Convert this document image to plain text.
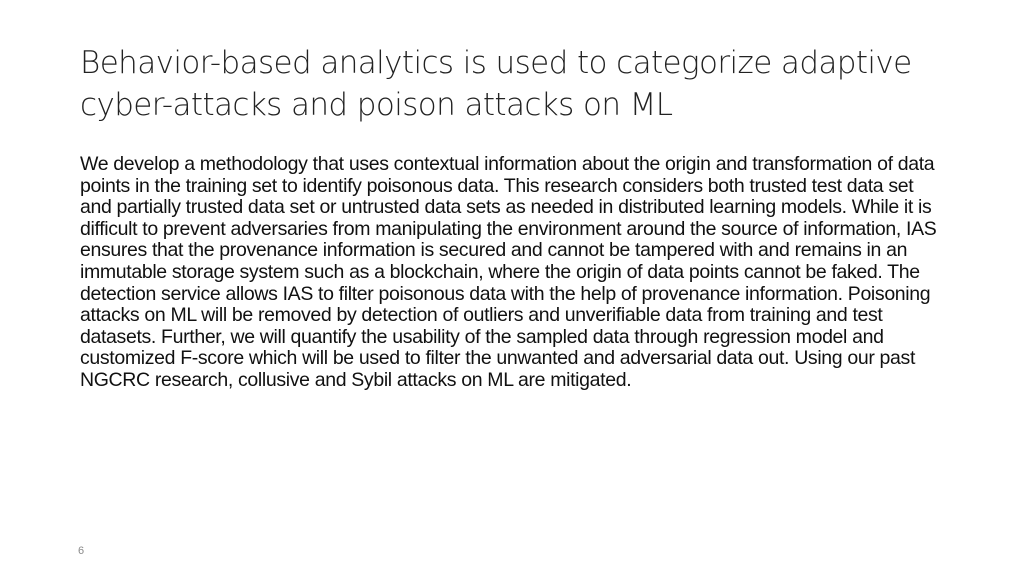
Behavior-based analytics is used to categorize adaptive cyber-attacks and poison attacks on ML

We develop a methodology that uses contextual information about the origin and transformation of data points in the training set to identify poisonous data. This research considers both trusted test data set and partially trusted data set or untrusted data sets as needed in distributed learning models. While it is difficult to prevent adversaries from manipulating the environment around the source of information, IAS ensures that the provenance information is secured and cannot be tampered with and remains in an immutable storage system such as a blockchain, where the origin of data points cannot be faked. The detection service allows IAS to filter poisonous data with the help of provenance information. Poisoning attacks on ML will be removed by detection of outliers and unverifiable data from training and test datasets. Further, we will quantify the usability of the sampled data through regression model and customized F-score which will be used to filter the unwanted and adversarial data out. Using our past NGCRC research, collusive and Sybil attacks on ML are mitigated.

6
